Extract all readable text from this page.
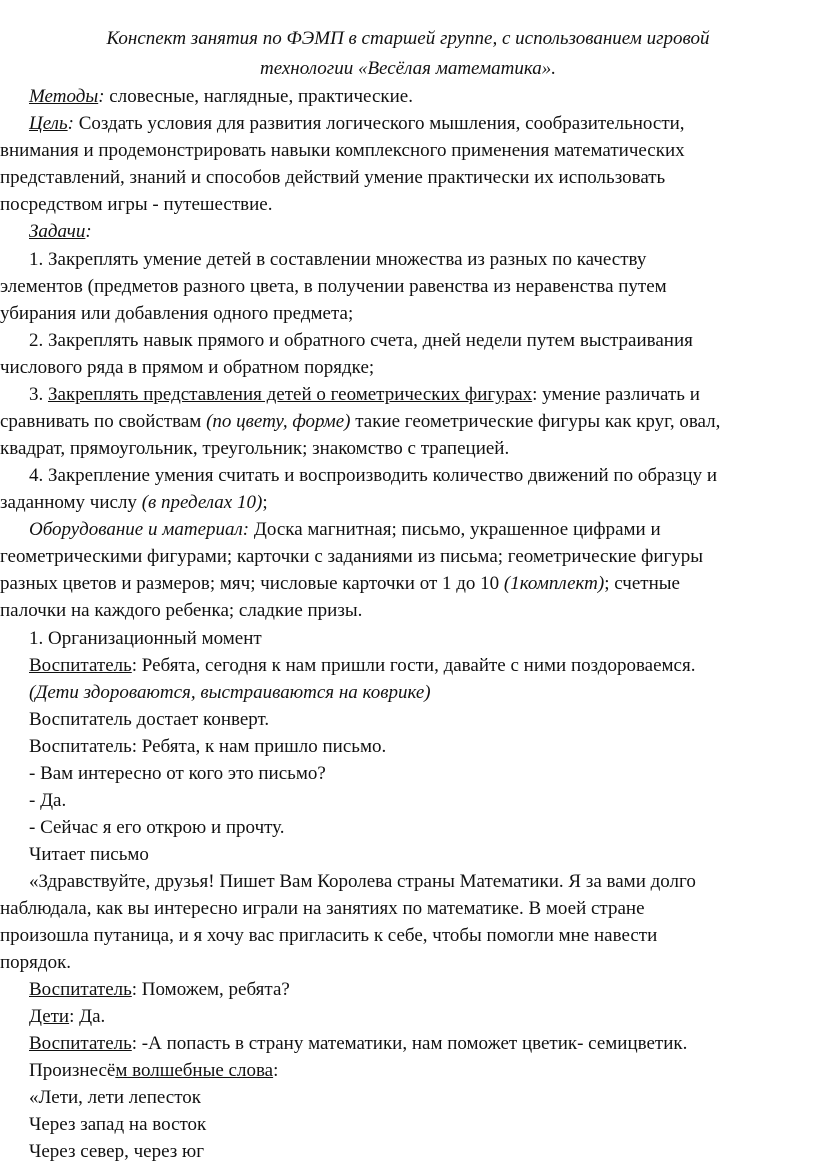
Конспект занятия по ФЭМП в старшей группе, с использованием игровой
технологии «Весёлая математика».
Методы: словесные, наглядные, практические.
Цель: Создать условия для развития логического мышления, сообразительности,
внимания и продемонстрировать навыки комплексного применения математических
представлений, знаний и способов действий умение практически их использовать
посредством игры - путешествие.
Задачи:
1. Закреплять умение детей в составлении множества из разных по качеству
элементов (предметов разного цвета, в получении равенства из неравенства путем
убирания или добавления одного предмета;
2. Закреплять навык прямого и обратного счета, дней недели путем выстраивания
числового ряда в прямом и обратном порядке;
3. Закреплять представления детей о геометрических фигурах: умение различать и
сравнивать по свойствам (по цвету, форме) такие геометрические фигуры как круг, овал,
квадрат, прямоугольник, треугольник; знакомство с трапецией.
4. Закрепление умения считать и воспроизводить количество движений по образцу и
заданному числу (в пределах 10);
Оборудование и материал: Доска магнитная; письмо, украшенное цифрами и
геометрическими фигурами; карточки с заданиями из письма; геометрические фигуры
разных цветов и размеров; мяч; числовые карточки от 1 до 10 (1комплект); счетные
палочки на каждого ребенка; сладкие призы.
1. Организационный момент
Воспитатель: Ребята, сегодня к нам пришли гости, давайте с ними поздороваемся.
(Дети здороваются, выстраиваются на коврике)
Воспитатель достает конверт.
Воспитатель: Ребята, к нам пришло письмо.
- Вам интересно от кого это письмо?
- Да.
- Сейчас я его открою и прочту.
Читает письмо
«Здравствуйте, друзья! Пишет Вам Королева страны Математики. Я за вами долго
наблюдала, как вы интересно играли на занятиях по математике. В моей стране
произошла путаница, и я хочу вас пригласить к себе, чтобы помогли мне навести
порядок.
Воспитатель: Поможем, ребята?
Дети: Да.
Воспитатель: -А попасть в страну математики, нам поможет цветик- семицветик.
Произнесём волшебные слова:
«Лети, лети лепесток
Через запад на восток
Через север, через юг
